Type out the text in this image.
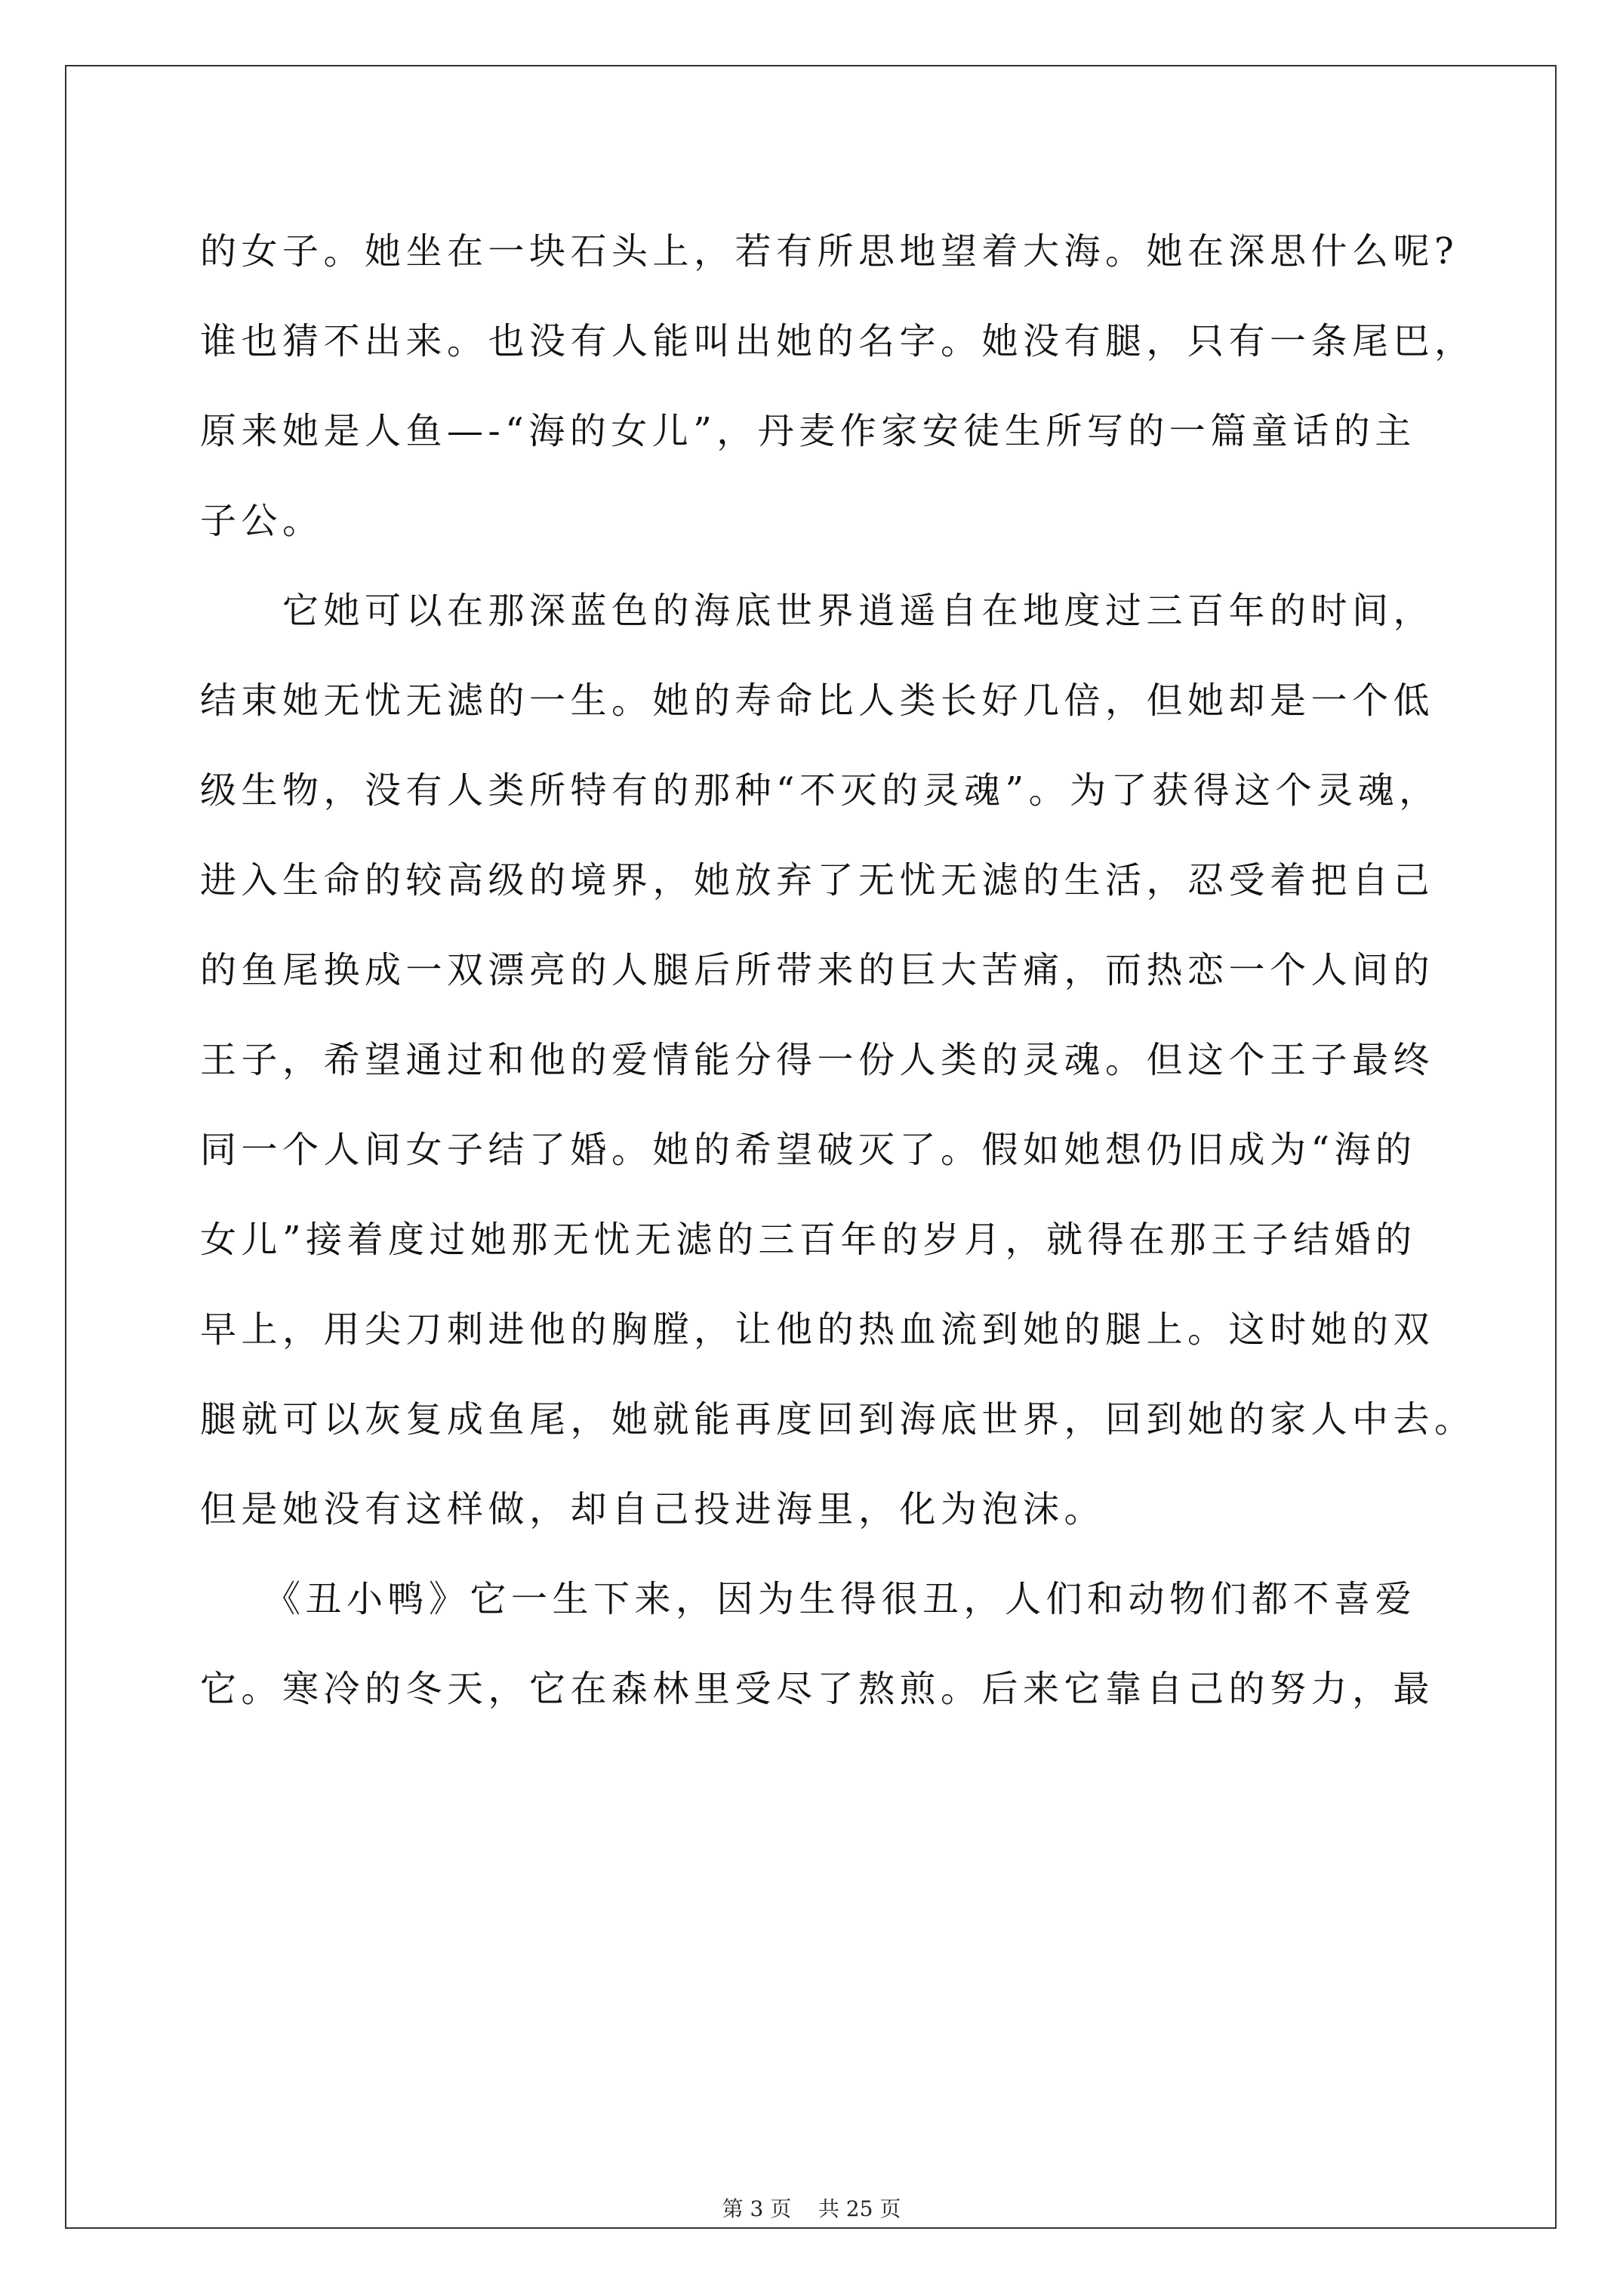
的女子。她坐在一块石头上，若有所思地望着大海。她在深思什么呢?
谁也猜不出来。也没有人能叫出她的名字。她没有腿，只有一条尾巴，
原来她是人鱼—-“海的女儿”，丹麦作家安徒生所写的一篇童话的主
子公。
　　它她可以在那深蓝色的海底世界逍遥自在地度过三百年的时间，
结束她无忧无滤的一生。她的寿命比人类长好几倍，但她却是一个低
级生物，没有人类所特有的那种“不灭的灵魂”。为了获得这个灵魂，
进入生命的较高级的境界，她放弃了无忧无滤的生活，忍受着把自己
的鱼尾换成一双漂亮的人腿后所带来的巨大苦痛，而热恋一个人间的
王子，希望通过和他的爱情能分得一份人类的灵魂。但这个王子最终
同一个人间女子结了婚。她的希望破灭了。假如她想仍旧成为“海的
女儿”接着度过她那无忧无滤的三百年的岁月，就得在那王子结婚的
早上，用尖刀刺进他的胸膛，让他的热血流到她的腿上。这时她的双
腿就可以灰复成鱼尾，她就能再度回到海底世界，回到她的家人中去。
但是她没有这样做，却自己投进海里，化为泡沫。
　　《丑小鸭》它一生下来，因为生得很丑，人们和动物们都不喜爱
它。寒冷的冬天，它在森林里受尽了熬煎。后来它靠自己的努力，最
第 3 页 共 25 页
